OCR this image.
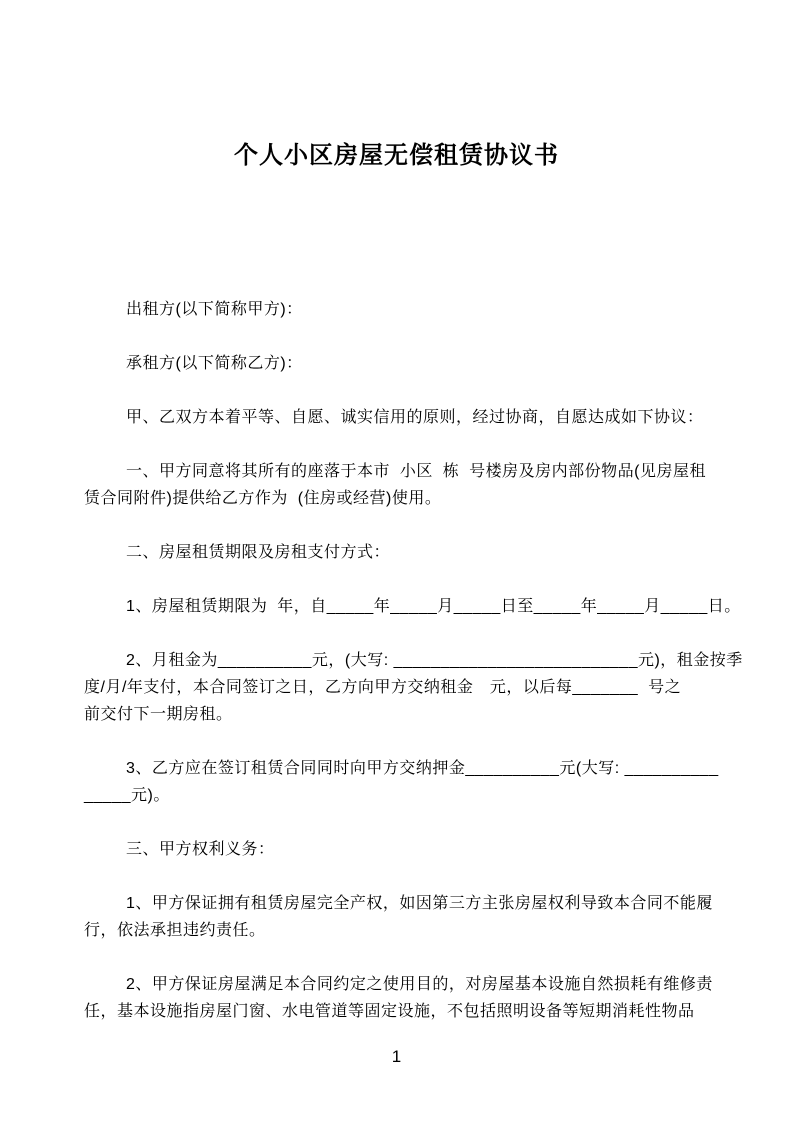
个人小区房屋无偿租赁协议书
出租方(以下简称甲方)：
承租方(以下简称乙方)：
甲、乙双方本着平等、自愿、诚实信用的原则，经过协商，自愿达成如下协议：
一、甲方同意将其所有的座落于本市  小区  栋  号楼房及房内部份物品(见房屋租
赁合同附件)提供给乙方作为  (住房或经营)使用。
二、房屋租赁期限及房租支付方式：
1、房屋租赁期限为  年，自_____年_____月_____日至_____年_____月_____日。
2、月租金为__________元，(大写: __________________________元)，租金按季
度/月/年支付，本合同签订之日，乙方向甲方交纳租金　元，以后每_______  号之
前交付下一期房租。
3、乙方应在签订租赁合同同时向甲方交纳押金__________元(大写: __________
_____元)。
三、甲方权利义务：
1、甲方保证拥有租赁房屋完全产权，如因第三方主张房屋权利导致本合同不能履
行，依法承担违约责任。
2、甲方保证房屋满足本合同约定之使用目的，对房屋基本设施自然损耗有维修责
任，基本设施指房屋门窗、水电管道等固定设施，不包括照明设备等短期消耗性物品
1
